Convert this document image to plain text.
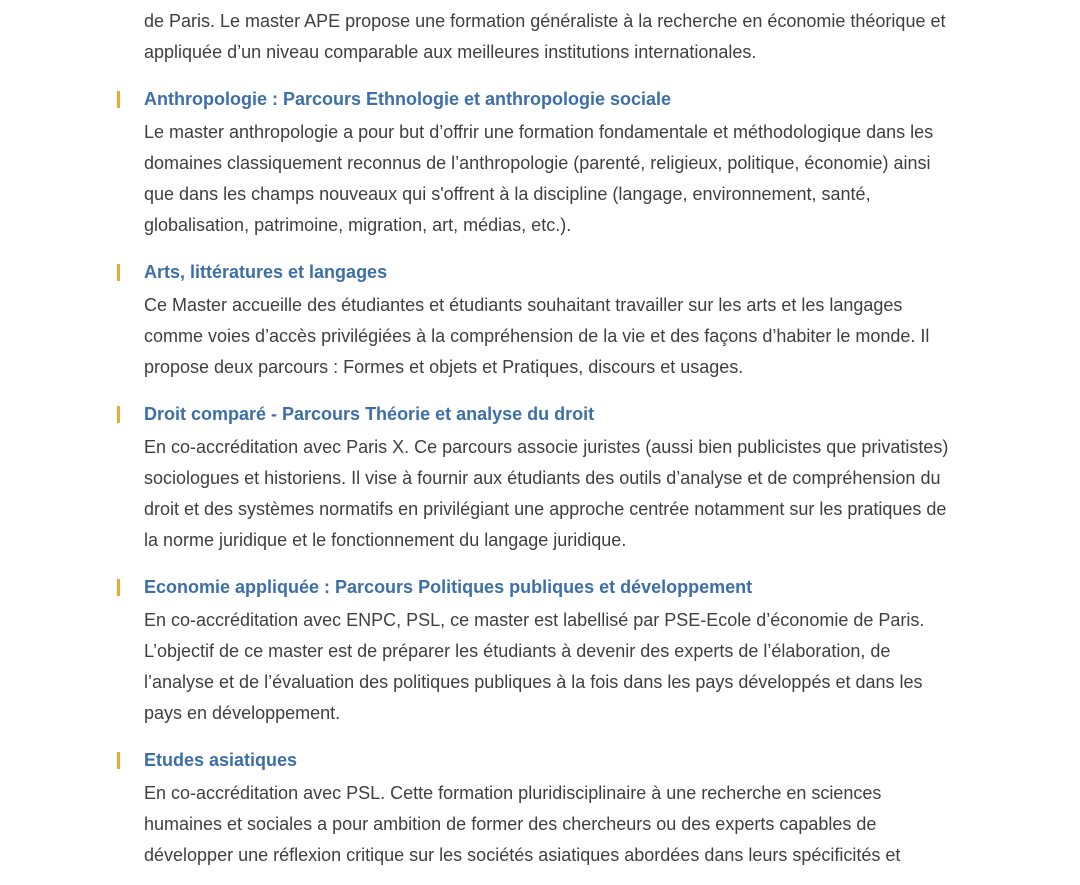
de Paris. Le master APE propose une formation généraliste à la recherche en économie théorique et appliquée d’un niveau comparable aux meilleures institutions internationales.

Anthropologie : Parcours Ethnologie et anthropologie sociale

Le master anthropologie a pour but d’offrir une formation fondamentale et méthodologique dans les domaines classiquement reconnus de l’anthropologie (parenté, religieux, politique, économie) ainsi que dans les champs nouveaux qui s'offrent à la discipline (langage, environnement, santé, globalisation, patrimoine, migration, art, médias, etc.).

Arts, littératures et langages

Ce Master accueille des étudiantes et étudiants souhaitant travailler sur les arts et les langages comme voies d’accès privilégiées à la compréhension de la vie et des façons d’habiter le monde. Il propose deux parcours : Formes et objets et Pratiques, discours et usages.

Droit comparé - Parcours Théorie et analyse du droit

En co-accréditation avec Paris X. Ce parcours associe juristes (aussi bien publicistes que privatistes) sociologues et historiens. Il vise à fournir aux étudiants des outils d’analyse et de compréhension du droit et des systèmes normatifs en privilégiant une approche centrée notamment sur les pratiques de la norme juridique et le fonctionnement du langage juridique.

Economie appliquée : Parcours Politiques publiques et développement

En co-accréditation avec ENPC, PSL, ce master est labellisé par PSE-Ecole d’économie de Paris. L’objectif de ce master est de préparer les étudiants à devenir des experts de l’élaboration, de l’analyse et de l’évaluation des politiques publiques à la fois dans les pays développés et dans les pays en développement.

Etudes asiatiques

En co-accréditation avec PSL. Cette formation pluridisciplinaire à une recherche en sciences humaines et sociales a pour ambition de former des chercheurs ou des experts capables de développer une réflexion critique sur les sociétés asiatiques abordées dans leurs spécificités et
